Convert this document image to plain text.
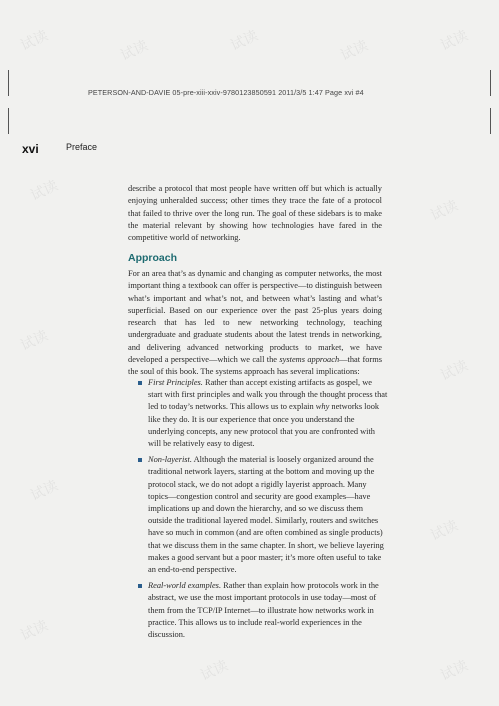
试读	试读	试读	试读	试读
试读
试读
试读
试读
试读
试读
试读
试读
试读
PETERSON-AND-DAVIE 05-pre-xiii-xxiv-9780123850591 2011/3/5 1:47 Page xvi #4
xvi	Preface
describe a protocol that most people have written off but which is actually enjoying unheralded success; other times they trace the fate of a protocol that failed to thrive over the long run. The goal of these sidebars is to make the material relevant by showing how technologies have fared in the competitive world of networking.
Approach
For an area that’s as dynamic and changing as computer networks, the most important thing a textbook can offer is perspective—to distinguish between what’s important and what’s not, and between what’s lasting and what’s superficial. Based on our experience over the past 25-plus years doing research that has led to new networking technology, teaching undergraduate and graduate students about the latest trends in networking, and delivering advanced networking products to market, we have developed a perspective—which we call the systems approach—that forms the soul of this book. The systems approach has several implications:
First Principles. Rather than accept existing artifacts as gospel, we start with first principles and walk you through the thought process that led to today’s networks. This allows us to explain why networks look like they do. It is our experience that once you understand the underlying concepts, any new protocol that you are confronted with will be relatively easy to digest.
Non-layerist. Although the material is loosely organized around the traditional network layers, starting at the bottom and moving up the protocol stack, we do not adopt a rigidly layerist approach. Many topics—congestion control and security are good examples—have implications up and down the hierarchy, and so we discuss them outside the traditional layered model. Similarly, routers and switches have so much in common (and are often combined as single products) that we discuss them in the same chapter. In short, we believe layering makes a good servant but a poor master; it’s more often useful to take an end-to-end perspective.
Real-world examples. Rather than explain how protocols work in the abstract, we use the most important protocols in use today—most of them from the TCP/IP Internet—to illustrate how networks work in practice. This allows us to include real-world experiences in the discussion.
